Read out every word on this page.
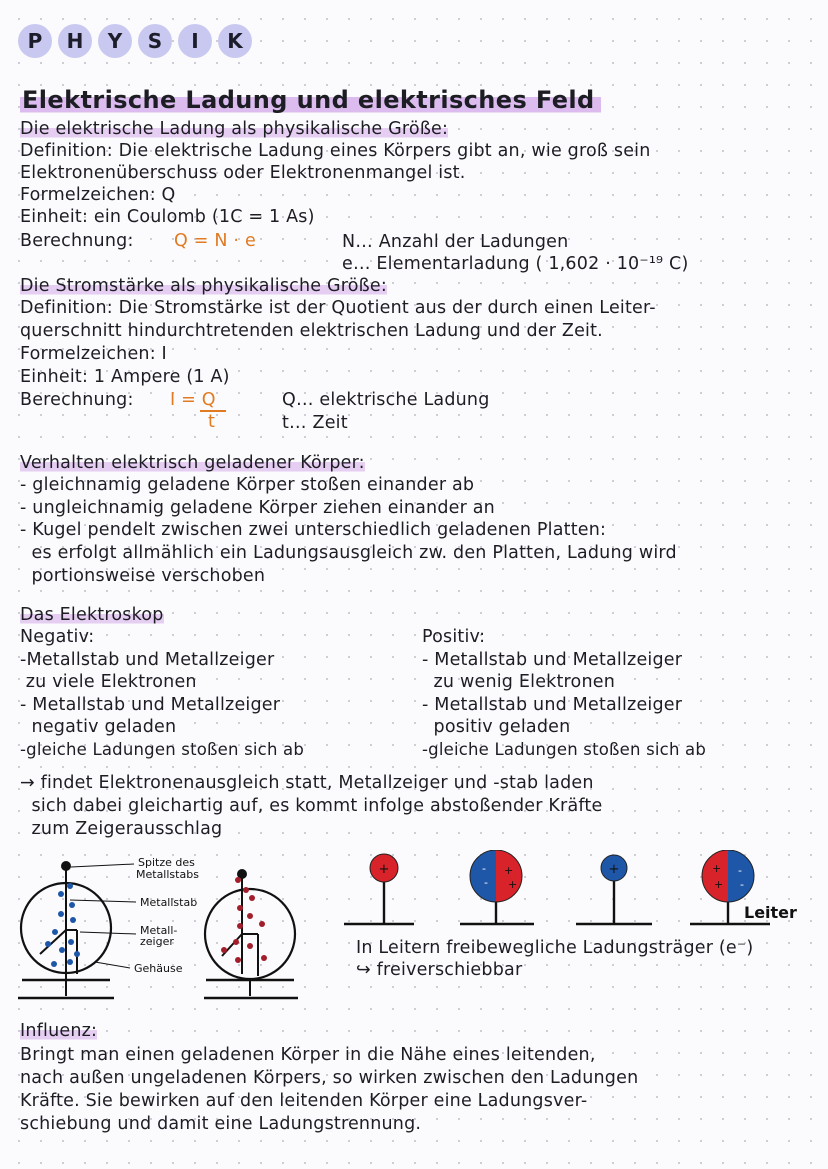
P	H	Y	S	I	K
Elektrische Ladung und elektrisches Feld
Die elektrische Ladung als physikalische Größe:
Definition: Die elektrische Ladung eines Körpers gibt an, wie groß sein
Elektronenüberschuss oder Elektronenmangel ist.
Formelzeichen: Q
Einheit: ein Coulomb (1C = 1 As)
Berechnung: Q = N · e	N… Anzahl der Ladungen
e… Elementarladung ( 1,602 · 10⁻¹⁹ C)
Die Stromstärke als physikalische Größe:
Definition: Die Stromstärke ist der Quotient aus der durch einen Leiter-
querschnitt hindurchtretenden elektrischen Ladung und der Zeit.
Formelzeichen: I
Einheit: 1 Ampere (1 A)
Berechnung: I = Q
t
Q… elektrische Ladung
t… Zeit
Verhalten elektrisch geladener Körper:
- gleichnamig geladene Körper stoßen einander ab
- ungleichnamig geladene Körper ziehen einander an
- Kugel pendelt zwischen zwei unterschiedlich geladenen Platten:
es erfolgt allmählich ein Ladungsausgleich zw. den Platten, Ladung wird
portionsweise verschoben
Das Elektroskop
Negativ:
-Metallstab und Metallzeiger
zu viele Elektronen
- Metallstab und Metallzeiger
negativ geladen
-gleiche Ladungen stoßen sich ab
Positiv:
- Metallstab und Metallzeiger
zu wenig Elektronen
- Metallstab und Metallzeiger
positiv geladen
-gleiche Ladungen stoßen sich ab
→ findet Elektronenausgleich statt, Metallzeiger und -stab laden
sich dabei gleichartig auf, es kommt infolge abstoßender Kräfte
zum Zeigerausschlag
Spitze des
Metallstabs
Metallstab
Metall-
zeiger
Gehäuse
+	-
-
+
+
+	+
+
-
-
Leiter
In Leitern freibewegliche Ladungsträger (e⁻)
↪ freiverschiebbar
Influenz:
Bringt man einen geladenen Körper in die Nähe eines leitenden,
nach außen ungeladenen Körpers, so wirken zwischen den Ladungen
Kräfte. Sie bewirken auf den leitenden Körper eine Ladungsver-
schiebung und damit eine Ladungstrennung.
